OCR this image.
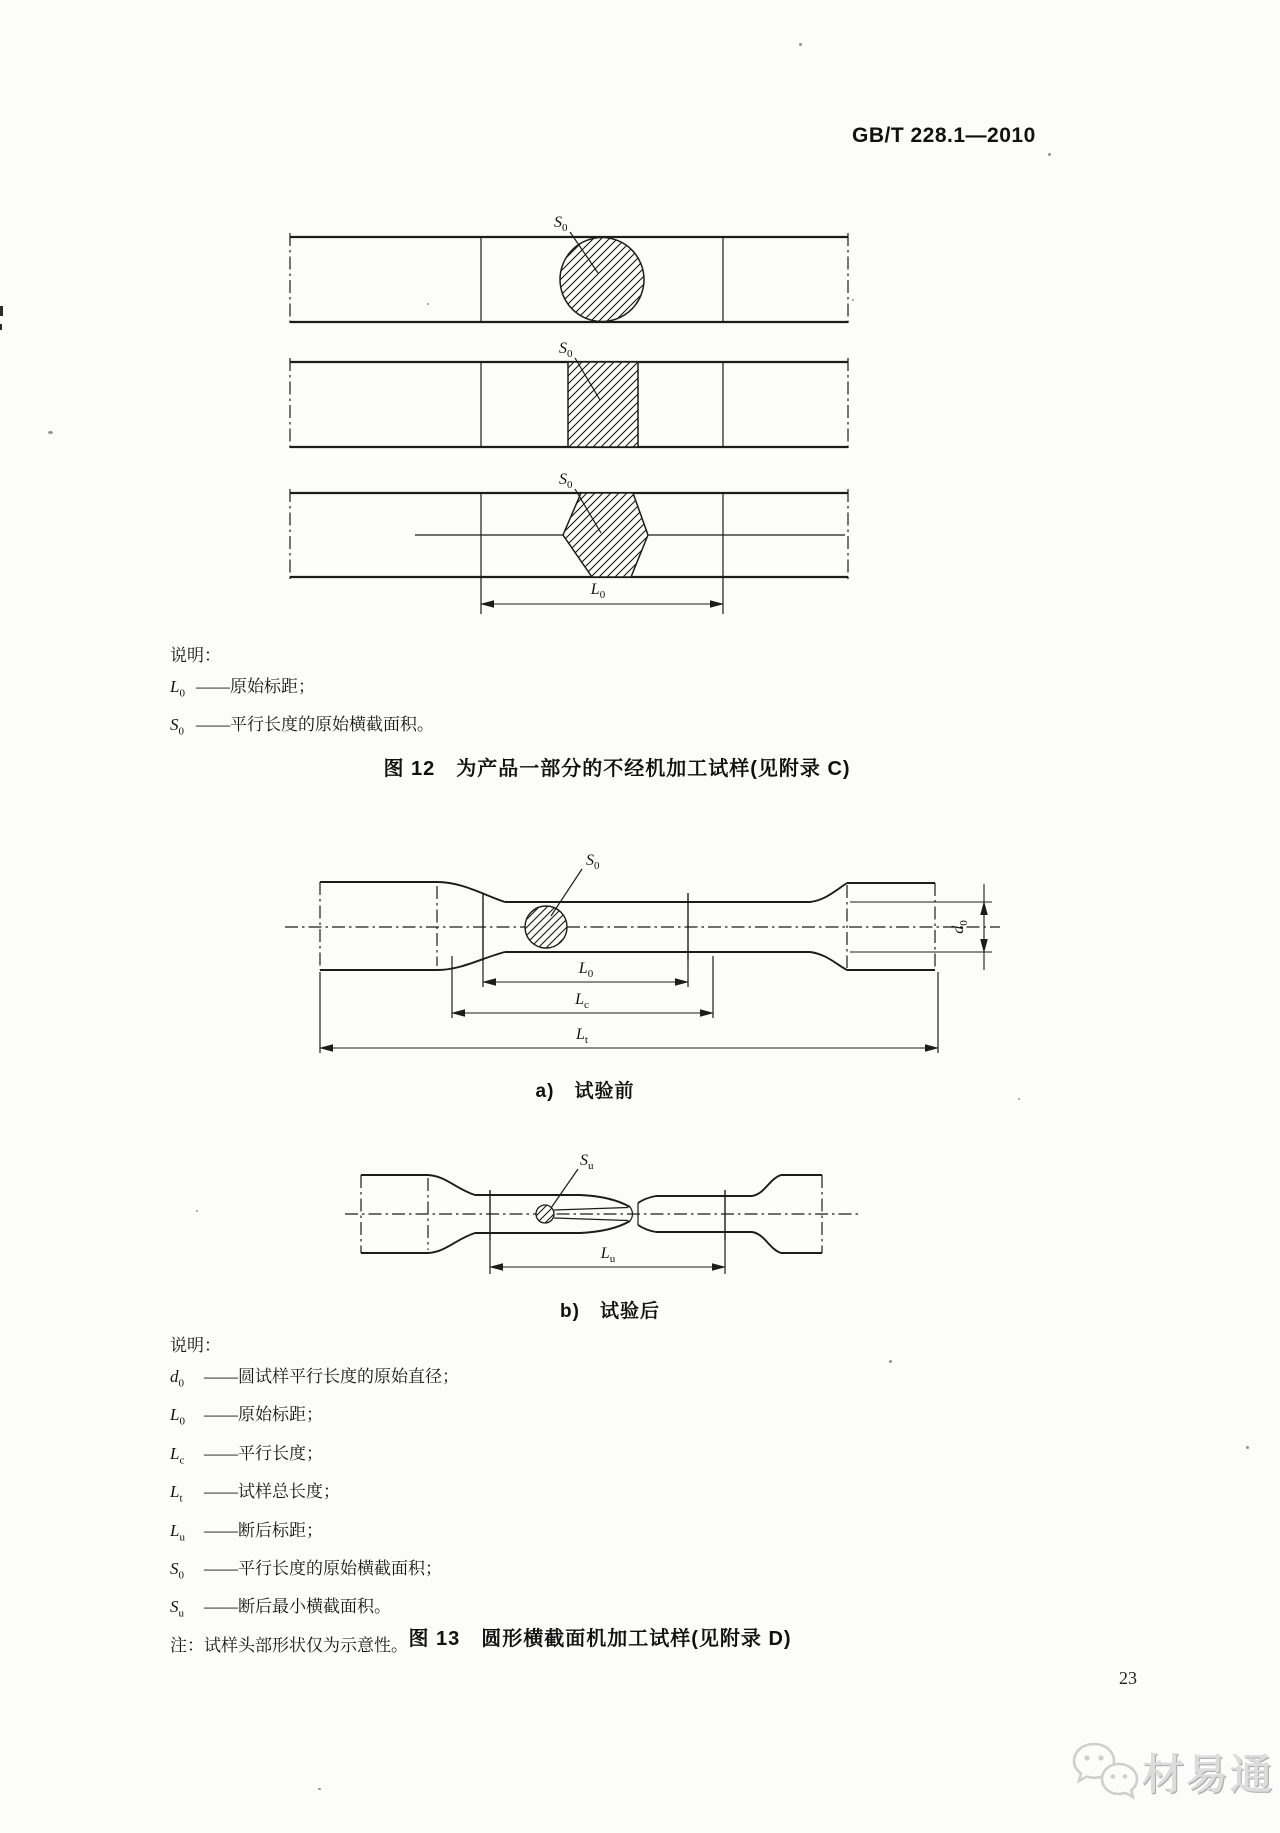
GB/T 228.1—2010
$S_0$
$S_0$
$S_0$
$L_0$
说明：
$L_0$ ——原始标距；
$S_0$ ——平行长度的原始横截面积。
图 12　为产品一部分的不经机加工试样(见附录 C)
$S_0$
$d_0$
$L_0$
$L_c$
$L_t$
a)　试验前
$S_u$
$L_u$
b)　试验后
说明：
$d_0$ ——圆试样平行长度的原始直径；
$L_0$ ——原始标距；
$L_c$ ——平行长度；
$L_t$ ——试样总长度；
$L_u$ ——断后标距；
$S_0$ ——平行长度的原始横截面积；
$S_u$ ——断后最小横截面积。
注：试样头部形状仅为示意性。 图 13　圆形横截面机加工试样(见附录 D)
23
材易通
